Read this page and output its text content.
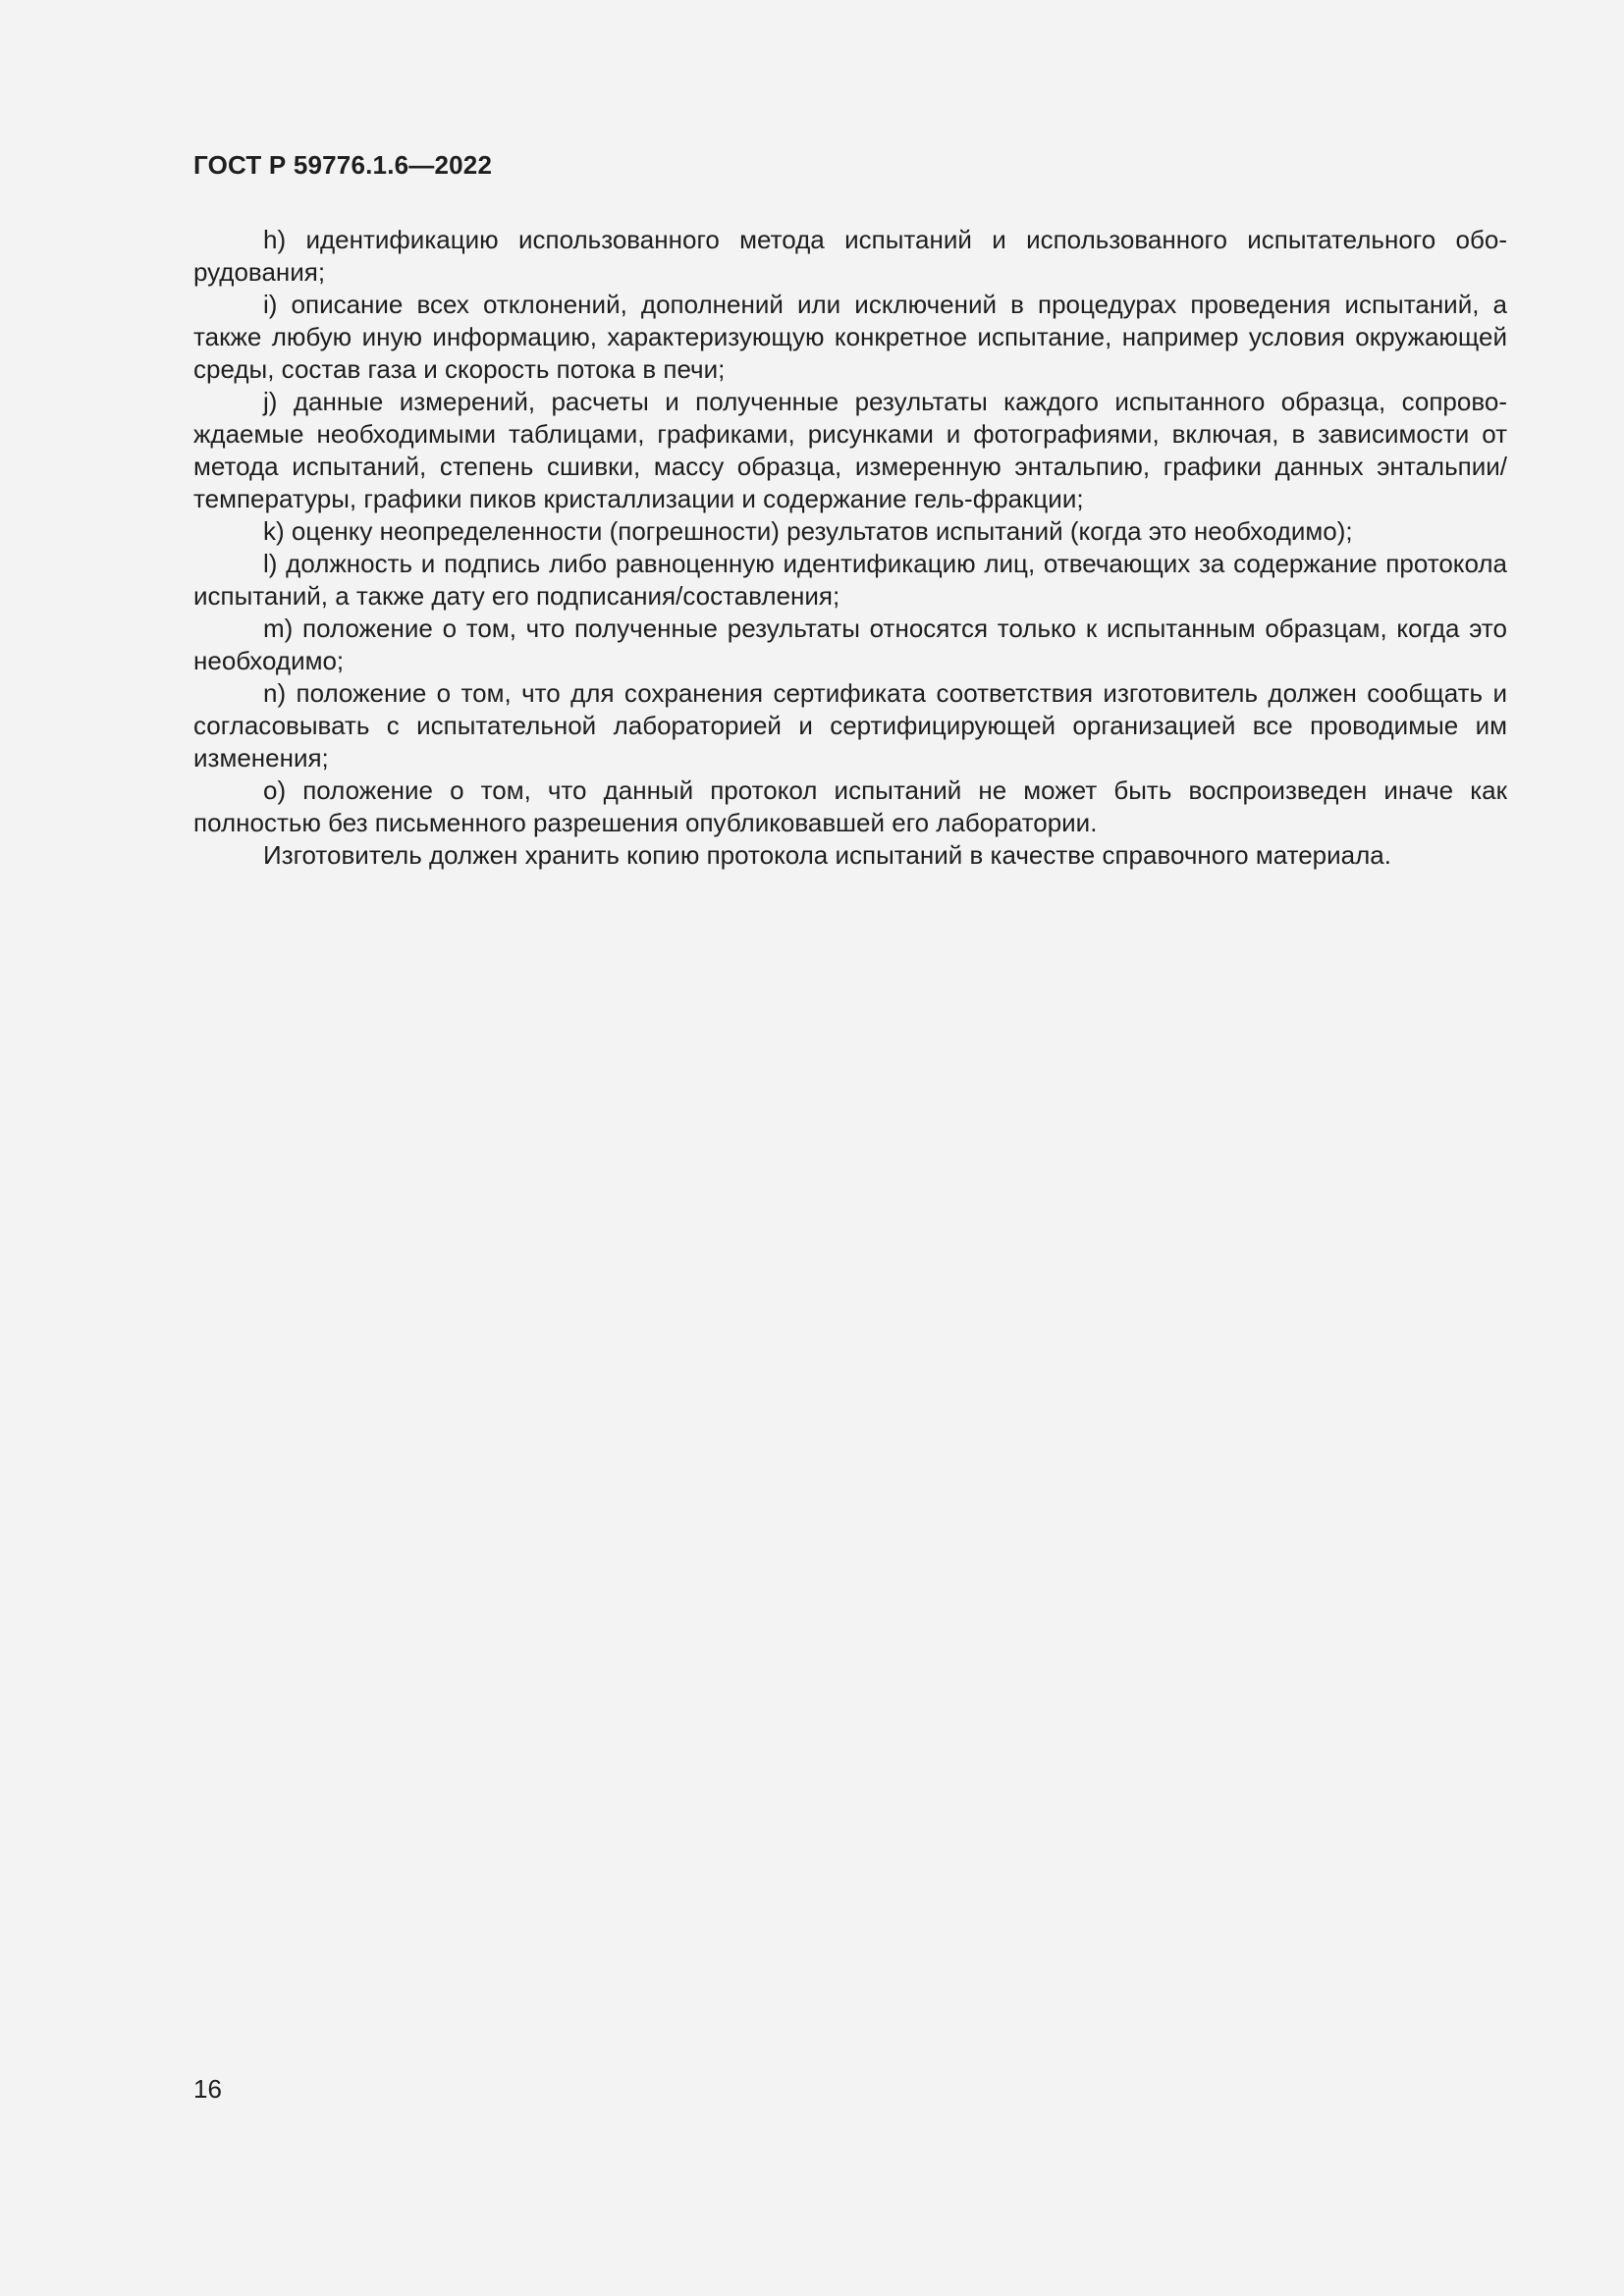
ГОСТ Р 59776.1.6—2022

h) идентификацию использованного метода испытаний и использованного испытательного оборудования;

i) описание всех отклонений, дополнений или исключений в процедурах проведения испытаний, а также любую иную информацию, характеризующую конкретное испытание, например условия окружающей среды, состав газа и скорость потока в печи;

j) данные измерений, расчеты и полученные результаты каждого испытанного образца, сопровождаемые необходимыми таблицами, графиками, рисунками и фотографиями, включая, в зависимости от метода испытаний, степень сшивки, массу образца, измеренную энтальпию, графики данных энтальпии/температуры, графики пиков кристаллизации и содержание гель-фракции;

k) оценку неопределенности (погрешности) результатов испытаний (когда это необходимо);

l) должность и подпись либо равноценную идентификацию лиц, отвечающих за содержание протокола испытаний, а также дату его подписания/составления;

m) положение о том, что полученные результаты относятся только к испытанным образцам, когда это необходимо;

n) положение о том, что для сохранения сертификата соответствия изготовитель должен сообщать и согласовывать с испытательной лабораторией и сертифицирующей организацией все проводимые им изменения;

o) положение о том, что данный протокол испытаний не может быть воспроизведен иначе как полностью без письменного разрешения опубликовавшей его лаборатории.

Изготовитель должен хранить копию протокола испытаний в качестве справочного материала.

16
